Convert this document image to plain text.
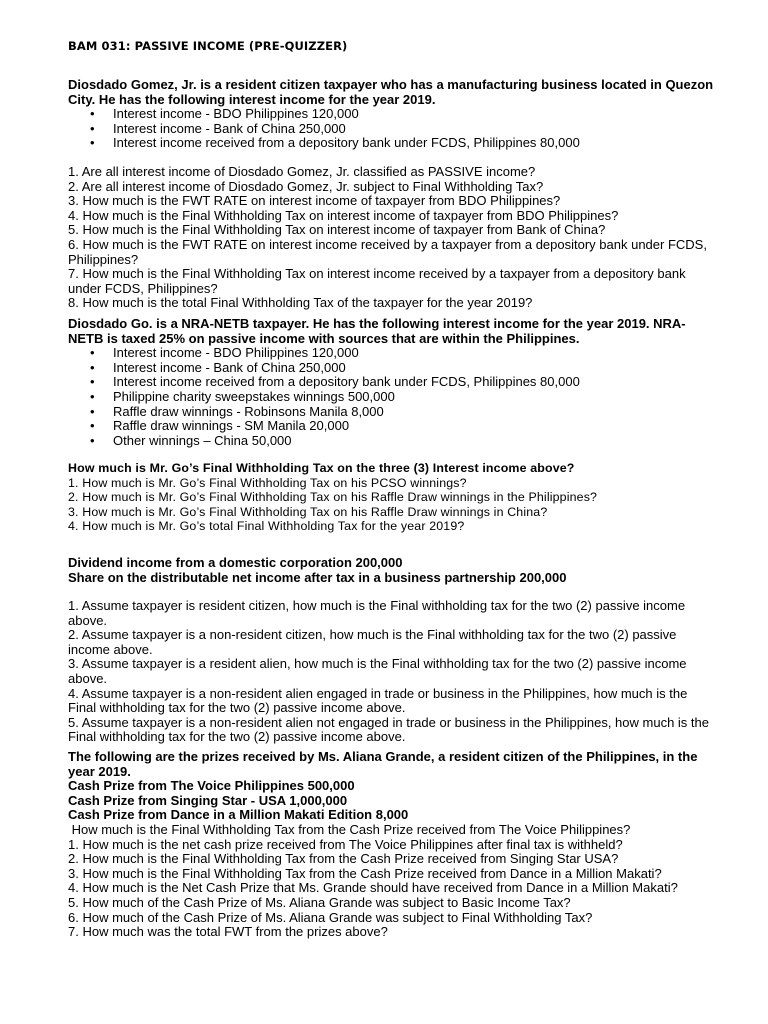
BAM 031: PASSIVE INCOME (PRE-QUIZZER)

Diosdado Gomez, Jr. is a resident citizen taxpayer who has a manufacturing business located in Quezon City. He has the following interest income for the year 2019.

• Interest income - BDO Philippines 120,000
• Interest income - Bank of China 250,000
• Interest income received from a depository bank under FCDS, Philippines 80,000

1. Are all interest income of Diosdado Gomez, Jr. classified as PASSIVE income?

2. Are all interest income of Diosdado Gomez, Jr. subject to Final Withholding Tax?

3. How much is the FWT RATE on interest income of taxpayer from BDO Philippines?

4. How much is the Final Withholding Tax on interest income of taxpayer from BDO Philippines?

5. How much is the Final Withholding Tax on interest income of taxpayer from Bank of China?

6. How much is the FWT RATE on interest income received by a taxpayer from a depository bank under FCDS, Philippines?

7. How much is the Final Withholding Tax on interest income received by a taxpayer from a depository bank under FCDS, Philippines?

8. How much is the total Final Withholding Tax of the taxpayer for the year 2019?

Diosdado Go. is a NRA-NETB taxpayer. He has the following interest income for the year 2019. NRA-NETB is taxed 25% on passive income with sources that are within the Philippines.

• Interest income - BDO Philippines 120,000
• Interest income - Bank of China 250,000
• Interest income received from a depository bank under FCDS, Philippines 80,000
• Philippine charity sweepstakes winnings 500,000
• Raffle draw winnings - Robinsons Manila 8,000
• Raffle draw winnings - SM Manila 20,000
• Other winnings – China 50,000

How much is Mr. Go’s Final Withholding Tax on the three (3) Interest income above?

1. How much is Mr. Go’s Final Withholding Tax on his PCSO winnings?

2. How much is Mr. Go’s Final Withholding Tax on his Raffle Draw winnings in the Philippines?

3. How much is Mr. Go’s Final Withholding Tax on his Raffle Draw winnings in China?

4. How much is Mr. Go’s total Final Withholding Tax for the year 2019?

Dividend income from a domestic corporation 200,000

Share on the distributable net income after tax in a business partnership 200,000

1. Assume taxpayer is resident citizen, how much is the Final withholding tax for the two (2) passive income above.

2. Assume taxpayer is a non-resident citizen, how much is the Final withholding tax for the two (2) passive income above.

3. Assume taxpayer is a resident alien, how much is the Final withholding tax for the two (2) passive income above.

4. Assume taxpayer is a non-resident alien engaged in trade or business in the Philippines, how much is the Final withholding tax for the two (2) passive income above.

5. Assume taxpayer is a non-resident alien not engaged in trade or business in the Philippines, how much is the Final withholding tax for the two (2) passive income above.

The following are the prizes received by Ms. Aliana Grande, a resident citizen of the Philippines, in the year 2019.

Cash Prize from The Voice Philippines 500,000

Cash Prize from Singing Star - USA 1,000,000

Cash Prize from Dance in a Million Makati Edition 8,000

How much is the Final Withholding Tax from the Cash Prize received from The Voice Philippines?

1. How much is the net cash prize received from The Voice Philippines after final tax is withheld?

2. How much is the Final Withholding Tax from the Cash Prize received from Singing Star USA?

3. How much is the Final Withholding Tax from the Cash Prize received from Dance in a Million Makati?

4. How much is the Net Cash Prize that Ms. Grande should have received from Dance in a Million Makati?

5. How much of the Cash Prize of Ms. Aliana Grande was subject to Basic Income Tax?

6. How much of the Cash Prize of Ms. Aliana Grande was subject to Final Withholding Tax?

7. How much was the total FWT from the prizes above?
